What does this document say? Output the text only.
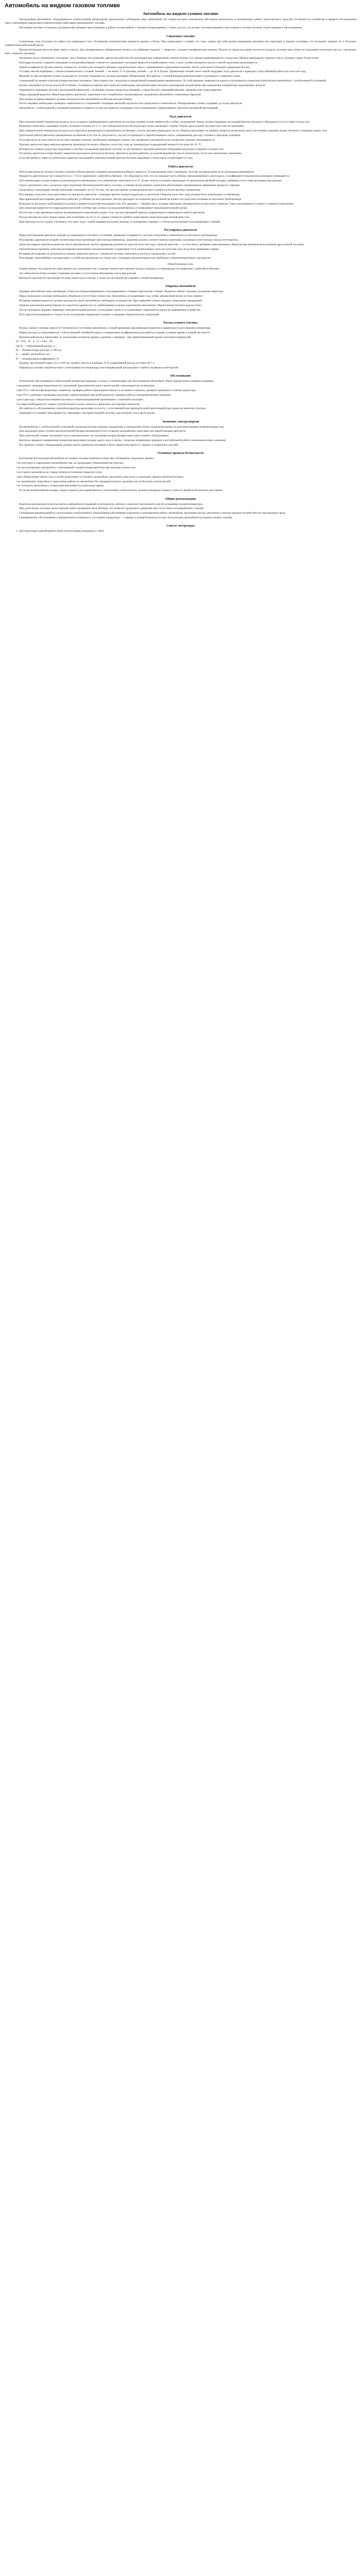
Автомобиль на жидком газовом топливе
Автомобиль на жидком газовом топливе

Эксплуатация автомобиля, оборудованного газобаллонной аппаратурой, предполагает соблюдение ряда требований, без знания которых невозможно обеспечить безопасную и экономичную работу транспортного средства. Особенности устройства и правила обслуживания такого автомобиля определяются физическими свойствами применяемого топлива.

Настоящее пособие составлено для водителей, впервые приступающих к работе на автомобиле с газовым оборудованием, а также для тех, кто желает систематизировать свои знания о системе питания, её регулировке и обслуживании.

Сжиженное топливо

Сжиженные газы получают из нефти или природного газа. Основными компонентами являются пропан и бутан. При нормальных условиях это газы, однако при небольшом повышении давления они переходят в жидкое состояние, что позволяет хранить их в баллонах сравнительно небольшой массы.

Пропан-бутановая смесь не имеет цвета и запаха. Для своевременного обнаружения утечек в газ добавляют одорант — вещество с резким специфическим запахом. Плотность паров газа выше плотности воздуха, поэтому при утечке газ скапливается в низких местах: смотровых ямах, подвалах, колодцах.

Октановое число сжиженного газа выше, чем у бензина, что позволяет двигателю работать без детонации при повышенной степени сжатия. Газ хорошо перемешивается с воздухом, образуя однородную горючую смесь, которая сгорает более полно.

Благодаря полному сгоранию уменьшается нагарообразование, снижается содержание токсичных веществ в отработавших газах, а срок службы моторного масла и свечей зажигания увеличивается.

Зимой испаряемость бутана заметно снижается, поэтому для холодного времени года выпускают смесь с повышенным содержанием пропана. Летом допускается большее содержание бутана.

Составы смесей подбирают с учётом климатических условий: зимний — не менее 75 % пропана, летний — до 50 % бутана. Применение летней смеси зимой затрудняет пуск двигателя и приводит к неустойчивой работе на холостом ходу.

Жидкий газ при испарении сильно охлаждается, поэтому попадание его на кожу вызывает обморожение. Все работы с газовой аппаратурой выполняют в рукавицах и защитных очках.

Сжиженный газ является весьма пожароопасным топливом. Смесь паров газа с воздухом в определённой концентрации взрывоопасна. По этой причине запрещается курить и пользоваться открытым огнём вблизи автомобиля с газобаллонной установкой.

Баллон заполняют не более чем на 90 % объёма. Оставшееся паровое пространство необходимо для компенсации теплового расширения жидкой фазы при повышении температуры окружающего воздуха.

Запрещается заправлять баллон с неисправной арматурой, с истёкшим сроком освидетельствования, а также баллон, имеющий вмятины, трещины или следы коррозии.

Перед заправкой водитель обязан выключить двигатель, зажигание и все потребители электроэнергии, затормозить автомобиль стояночным тормозом.

Пассажиры во время заправки должны находиться вне автомобиля на безопасном расстоянии.

После заправки необходимо проверить герметичность соединений с помощью мыльной эмульсии или специального течеискателя. Обнаруженные утечки устраняют до пуска двигателя.

Автомобиль с газобаллонной установкой разрешается хранить только на открытых площадках или в помещениях, оборудованных приточно-вытяжной вентиляцией.

Пуск двигателя

При положительной температуре воздуха пуск холодного карбюраторного двигателя на газовом топливе осуществляется без особых затруднений. Перед пуском открывают расходный вентиль баллона и убеждаются в отсутствии утечки газа.

Включают зажигание, нажимают кнопку пускового клапана на 1–2 с для заполнения полостей редуктора газом и включают стартер. Педаль дроссельной заслонки при этом не нажимают.

При отрицательной температуре воздуха пуск двигателя рекомендуется производить на бензине, а после прогрева переходить на газ. Переход выполняют на средних оборотах коленчатого вала, постепенно закрывая подачу бензина и открывая подачу газа.

Длительная работа двигателя одновременно на бензине и на газе не допускается, так как это приводит к переобогащению смеси, повышенному расходу топлива и перегреву клапанов.

Если двигатель не запускается после трёх-четырёх попыток, необходимо перекрыть подачу газа, проветрить моторный отсек и выяснить причину неисправности.

Прогрев двигателя перед началом движения производят на малых оборотах холостого хода до температуры охлаждающей жидкости не ниже 40–50 °С.

Испаритель газового редуктора подключён к системе охлаждения двигателя, поэтому до достаточного прогрева возможно обмерзание редуктора и перебои в подаче газа.

Остановку двигателя осуществляют закрытием расходного вентиля на баллоне. Двигатель должен работать до полной выработки газа из магистрали, после чего выключают зажигание.

Если автомобиль ставят на длительное хранение, расходный и наполнительный вентили баллона закрывают, а магистраль освобождают от газа.

Работа двигателя

Работа двигателя на газовом топливе отличается более мягким и ровным протеканием рабочего процесса. Газовоздушная смесь однородна, поэтому распределение её по цилиндрам равномерное.

Мощность двигателя на газе снижается на 5–7 % по сравнению с работой на бензине. Это объясняется тем, что газ занимает часть объёма, предназначенного для воздуха, и коэффициент наполнения цилиндров уменьшается.

Для компенсации потери мощности рекомендуется увеличивать угол опережения зажигания на 4–6°. Более точную установку производят по результатам пробной поездки, добиваясь отсутствия детонации при разгоне.

Смесь сжиженного газа с воздухом горит медленнее бензовоздушной смеси, поэтому установка более раннего зажигания обеспечивает своевременное завершение процесса сгорания.

Зазор между электродами свечей зажигания уменьшают до 0,5–0,6 мм, так как для пробоя газовоздушной смеси требуется более высокое напряжение.

Регулировку холостого хода выполняют на прогретом двигателе с помощью винтов газового редуктора и смесителя. Обороты холостого хода должны быть минимально устойчивыми.

При правильной регулировке двигатель работает устойчиво на всех режимах, быстро реагирует на открытие дроссельной заслонки и не допускает вспышек во впускном трубопроводе.

Вспышки во впускном трубопроводе («хлопки») являются опасной неисправностью. Их причины — бедная смесь, позднее зажигание, негерметичность впускных клапанов. Такую неисправность следует устранять немедленно.

Для снижения вероятности повреждения впускной системы при хлопках на воздушный фильтр устанавливают предохранительный клапан.

На спусках и при движении накатом не рекомендуется выключать подачу газа, так как повторный переход сопровождается провалами в работе двигателя.

Расход топлива на газе в литрах выше, чем на бензине, на 10–15 %, однако стоимость пробега существенно ниже благодаря низкой цене газа.

При переходе на газ следует учитывать, что запас хода с одной заправки несколько меньше, и планировать маршрут с учётом расположения газозаправочных станций.

Регулировка двигателя

Перед регулировкой двигатель доводят до нормального теплового состояния, проверяют исправность системы зажигания и герметичность впускного трубопровода.

Регулировку давления во второй ступени редуктора производят при помощи манометра. Давление должно соответствовать значениям, указанным в инструкции завода-изготовителя.

Затем регулируют винтом количества смеси минимальную частоту вращения коленчатого вала на холостом ходу, а винтом качества — состав смеси, добиваясь максимальных оборотов при неизменном положении дроссельной заслонки.

Окончательную проверку качества регулировки выполняют газоанализатором. Содержание СО в отработавших газах на холостом ходу не должно превышать нормы.

Во время регулировки не допускается снимать защитные кожухи с элементов системы зажигания и касаться токоведущих частей.

Регулировку экономайзера и дозирующего устройства производят на стенде или с помощью динамометрических приборов в специализированных мастерских.

Отработавшие газы

Отработавшие газы двигателя, работающего на сжиженном газе, содержат значительно меньше оксида углерода и углеводородов по сравнению с работой на бензине.

Это объясняется более полным сгоранием топлива и отсутствием обогащения смеси при разгоне.

Контроль токсичности производят не реже одного раза в месяц, а также после каждой регулировки газовой аппаратуры.

Заправка автомобиля

Заправку автомобиля газом производят только на специализированных газозаправочных станциях персоналом станции. Водитель обязан следовать указаниям оператора.

Перед подъездом к колонке необходимо убедиться в отсутствии утечки газа. Автомобиль устанавливают так, чтобы заправочный шланг не был натянут.

Во время заправки водитель должен находиться около автомобиля и наблюдать за процессом. При появлении утечки заправку немедленно прекращают.

Уровень наполнения контролируют по указателю уровня или по срабатыванию клапана ограничения наполнения. Переполнение баллона недопустимо.

После окончания заправки закрывают наполнительный вентиль, отсоединяют шланг и устанавливают защитный колпачок на заправочное устройство.

Пуск двигателя разрешается только после отключения заправочного шланга и проверки герметичности соединений.

Расход газового топлива

Расход газового топлива зависит от технического состояния автомобиля, условий движения, квалификации водителя и правильности регулировки аппаратуры.

Нормы расхода устанавливаются с учётом базовой линейной нормы и поправочных коэффициентов для работы в городе, в зимнее время, в горной местности.

Фактический расход определяют по показаниям указателя уровня и данным о заправках. Для ориентировочной оценки пользуются формулой:

Q = 0,01 · H · S · (1 + 0,01 · D)
где Q — нормативный расход, л;
H — базовая норма расхода, л/100 км;
S — пробег автомобиля, км;
D — поправочный коэффициент, %.

Пример: при базовой норме 13,5 л/100 км, пробеге 200 км и надбавке 10 % нормативный расход составит 29,7 л.

Перерасход топлива свидетельствует о неисправности аппаратуры или неправильной регулировке и требует проверки в мастерской.

Обслуживание

Техническое обслуживание газобаллонной аппаратуры проводят в сроки, установленные для обслуживания автомобиля. Ниже перечислены основные операции:

• ежедневно: проверка герметичности соединений, крепления баллона и магистралей, слив конденсата из фильтра;
• при ТО-1: очистка фильтрующих элементов, проверка работы предохранительного и пускового клапанов, проверка давления в ступенях редуктора;
• при ТО-2: разборка и промывка редуктора, замена мембран при необходимости, проверка работы электромагнитных клапанов;
• раз в два года: освидетельствование баллона в специализированной организации с отметкой в паспорте;
• по мере необходимости: замена уплотнительных колец, шлангов и фильтров, регулировка смесителя.

Все работы по обслуживанию газовой аппаратуры выполняют на посту с естественной или принудительной вентиляцией при закрытых вентилях баллона.

Запрещается устранять неисправности, связанные с разгерметизацией системы, при наличии газа в магистралях.

Экономия электроэнергии

На автомобилях с газобаллонной установкой электромагнитные клапаны, индикаторы и электронные блоки управления являются дополнительными потребителями тока.

Для продления срока службы аккумуляторной батареи рекомендуется не оставлять включённым зажигание при неработающем двигателе.

При длительной стоянке отключают массу выключателем, что исключает разряд батареи через цепи газового оборудования.

Контроль зарядного напряжения генератора выполняют не реже одного раза в месяц. Снижение напряжения приводит к нестабильной работе электромагнитных клапанов.

Все провода газового оборудования должны иметь надёжную изоляцию и быть закреплены вдали от горячих и подвижных деталей.

Основные правила безопасности

Безопасная эксплуатация автомобиля на газовом топливе возможна только при соблюдении следующих правил:

• не допускать к управлению автомобилем лиц, не прошедших специальный инструктаж;
• не эксплуатировать автомобиль с неисправной газовой аппаратурой или при наличии утечки газа;
• не ставить автомобиль на стоянку вблизи источников открытого огня;
• при обнаружении запаха газа в салоне немедленно остановить автомобиль, выключить двигатель и зажигание, закрыть вентили баллона;
• не производить сварочные и окрасочные работы на автомобиле без предварительного удаления газа из баллона и магистралей;
• не оставлять автомобиль с открытыми вентилями на длительное время.

В случае возникновения пожара следует закрыть расходный вентиль, использовать огнетушитель, вызвать пожарную охрану и отвести людей на безопасное расстояние.

Общие рекомендации

Водителю рекомендуется всегда иметь в автомобиле исправный огнетушитель, аптечку и комплект инструмента для обслуживания газовой аппаратуры.

При длительных поездках целесообразно иметь резервный запас бензина, что позволит продолжить движение при отсутствии газозаправочных станций.

Соблюдение рекомендаций по эксплуатации газобаллонного оборудования обеспечивает надёжную и экономичную работу автомобиля, продлевает ресурс двигателя и снижает вредное воздействие на окружающую среду.

Своевременное обслуживание и внимательное отношение к состоянию аппаратуры — главные условия безопасности при эксплуатации автомобиля на жидком газовом топливе.

Список литературы
1. Для подготовки данной работы были использованы материалы с сайта
